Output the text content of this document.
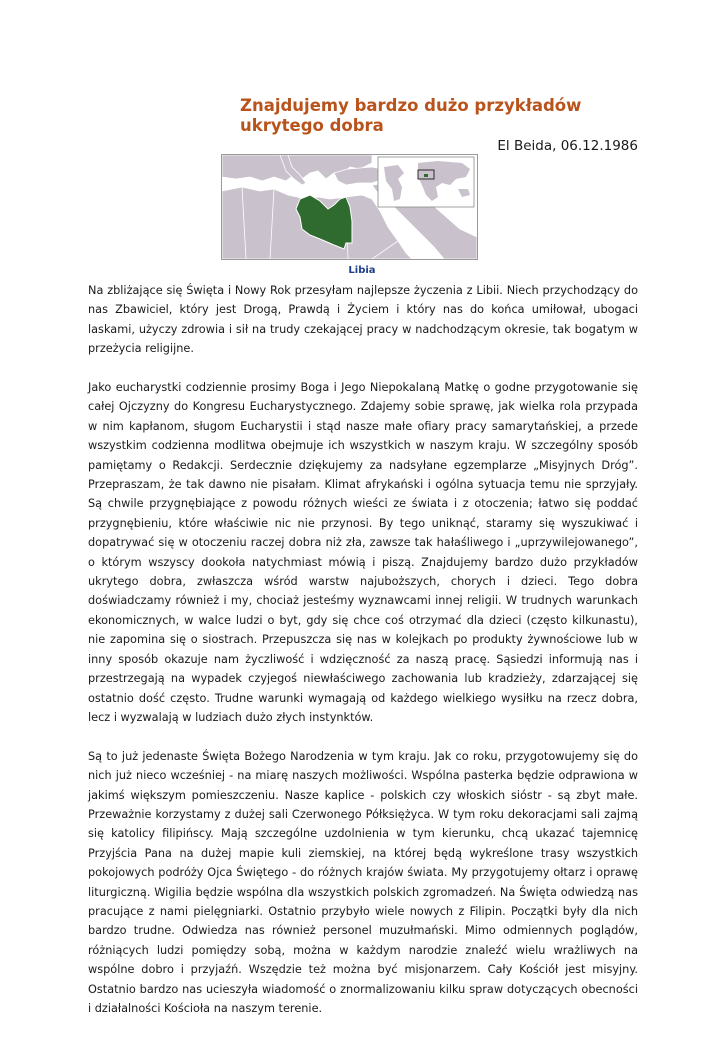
Znajdujemy bardzo dużo przykładów ukrytego dobra
El Beida, 06.12.1986
Libia

Na zbliżające się Święta i Nowy Rok przesyłam najlepsze życzenia z Libii. Niech przychodzący do nas Zbawiciel, który jest Drogą, Prawdą i Życiem i który nas do końca umiłował, ubogaci laskami, użyczy zdrowia i sił na trudy czekającej pracy w nadchodzącym okresie, tak bogatym w przeżycia religijne.

Jako eucharystki codziennie prosimy Boga i Jego Niepokalaną Matkę o godne przygotowanie się całej Ojczyzny do Kongresu Eucharystycznego. Zdajemy sobie sprawę, jak wielka rola przypada w nim kapłanom, sługom Eucharystii i stąd nasze małe ofiary pracy samarytańskiej, a przede wszystkim codzienna modlitwa obejmuje ich wszystkich w naszym kraju. W szczególny sposób pamiętamy o Redakcji. Serdecznie dziękujemy za nadsyłane egzemplarze „Misyjnych Dróg”. Przepraszam, że tak dawno nie pisałam. Klimat afrykański i ogólna sytuacja temu nie sprzyjały. Są chwile przygnębiające z powodu różnych wieści ze świata i z otoczenia; łatwo się poddać przygnębieniu, które właściwie nic nie przynosi. By tego uniknąć, staramy się wyszukiwać i dopatrywać się w otoczeniu raczej dobra niż zła, zawsze tak hałaśliwego i „uprzywilejowanego”, o którym wszyscy dookoła natychmiast mówią i piszą. Znajdujemy bardzo dużo przykładów ukrytego dobra, zwłaszcza wśród warstw najuboższych, chorych i dzieci. Tego dobra doświadczamy również i my, chociaż jesteśmy wyznawcami innej religii. W trudnych warunkach ekonomicznych, w walce ludzi o byt, gdy się chce coś otrzymać dla dzieci (często kilkunastu), nie zapomina się o siostrach. Przepuszcza się nas w kolejkach po produkty żywnościowe lub w inny sposób okazuje nam życzliwość i wdzięczność za naszą pracę. Sąsiedzi informują nas i przestrzegają na wypadek czyjegoś niewłaściwego zachowania lub kradzieży, zdarzającej się ostatnio dość często. Trudne warunki wymagają od każdego wielkiego wysiłku na rzecz dobra, lecz i wyzwalają w ludziach dużo złych instynktów.

Są to już jedenaste Święta Bożego Narodzenia w tym kraju. Jak co roku, przygotowujemy się do nich już nieco wcześniej - na miarę naszych możliwości. Wspólna pasterka będzie odprawiona w jakimś większym pomieszczeniu. Nasze kaplice - polskich czy włoskich sióstr - są zbyt małe. Przeważnie korzystamy z dużej sali Czerwonego Półksiężyca. W tym roku dekoracjami sali zajmą się katolicy filipińscy. Mają szczególne uzdolnienia w tym kierunku, chcą ukazać tajemnicę Przyjścia Pana na dużej mapie kuli ziemskiej, na której będą wykreślone trasy wszystkich pokojowych podróży Ojca Świętego - do różnych krajów świata. My przygotujemy ołtarz i oprawę liturgiczną. Wigilia będzie wspólna dla wszystkich polskich zgromadzeń. Na Święta odwiedzą nas pracujące z nami pielęgniarki. Ostatnio przybyło wiele nowych z Filipin. Początki były dla nich bardzo trudne. Odwiedza nas również personel muzułmański. Mimo odmiennych poglądów, różniących ludzi pomiędzy sobą, można w każdym narodzie znaleźć wielu wrażliwych na wspólne dobro i przyjaźń. Wszędzie też można być misjonarzem. Cały Kościół jest misyjny. Ostatnio bardzo nas ucieszyła wiadomość o znormalizowaniu kilku spraw dotyczących obecności i działalności Kościoła na naszym terenie.
